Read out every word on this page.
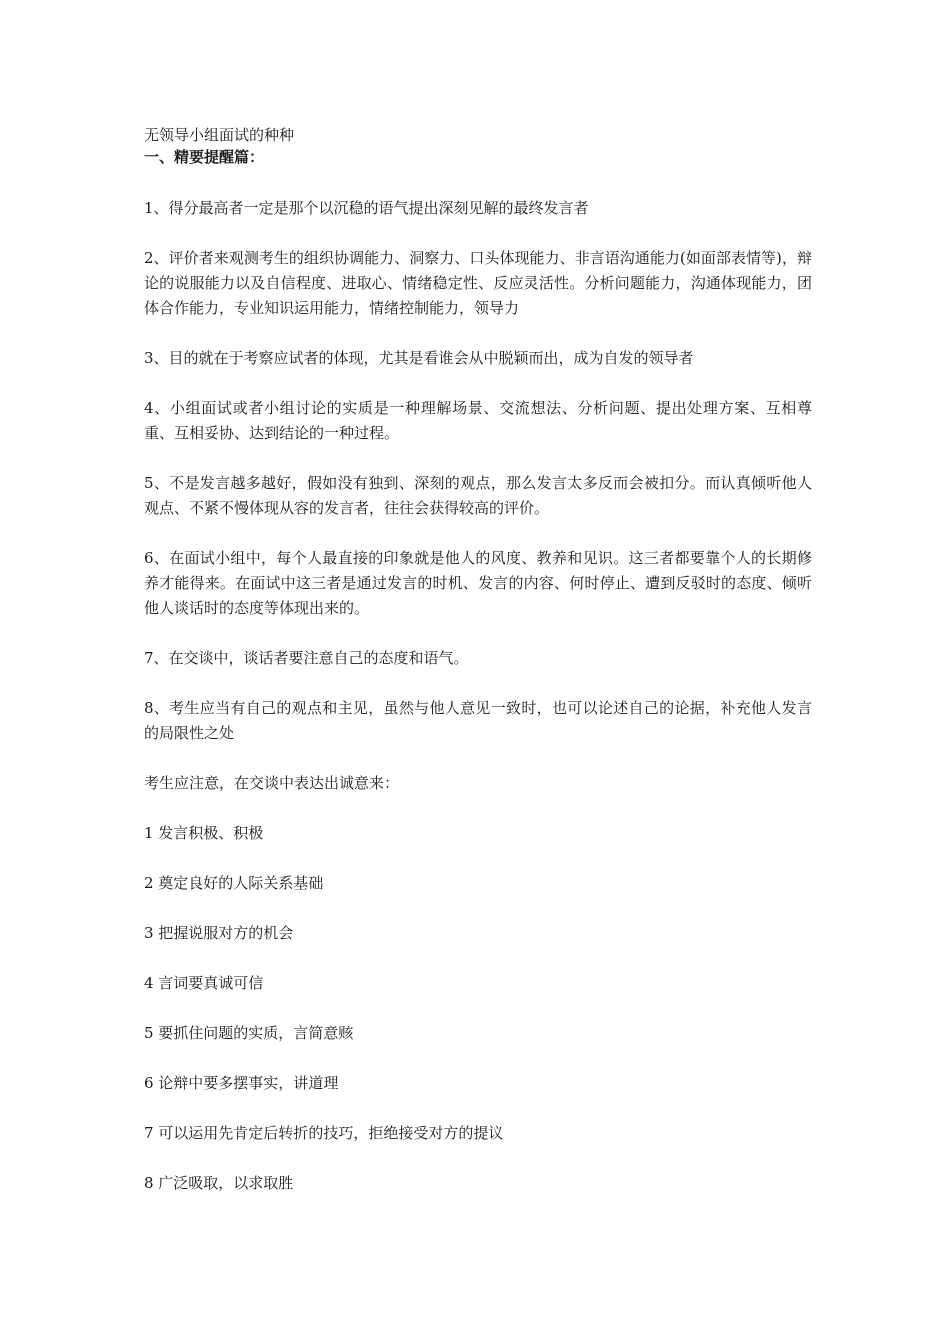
无领导小组面试的种种
一、精要提醒篇：

1、得分最高者一定是那个以沉稳的语气提出深刻见解的最终发言者

2、评价者来观测考生的组织协调能力、洞察力、口头体现能力、非言语沟通能力(如面部表情等)，辩论的说服能力以及自信程度、进取心、情绪稳定性、反应灵活性。分析问题能力，沟通体现能力，团体合作能力，专业知识运用能力，情绪控制能力，领导力

3、目的就在于考察应试者的体现，尤其是看谁会从中脱颖而出，成为自发的领导者

4、小组面试或者小组讨论的实质是一种理解场景、交流想法、分析问题、提出处理方案、互相尊重、互相妥协、达到结论的一种过程。

5、不是发言越多越好，假如没有独到、深刻的观点，那么发言太多反而会被扣分。而认真倾听他人观点、不紧不慢体现从容的发言者，往往会获得较高的评价。

6、在面试小组中，每个人最直接的印象就是他人的风度、教养和见识。这三者都要靠个人的长期修养才能得来。在面试中这三者是通过发言的时机、发言的内容、何时停止、遭到反驳时的态度、倾听他人谈话时的态度等体现出来的。

7、在交谈中，谈话者要注意自己的态度和语气。

8、考生应当有自己的观点和主见，虽然与他人意见一致时，也可以论述自己的论据，补充他人发言的局限性之处

考生应注意，在交谈中表达出诚意来：

1 发言积极、积极
2 奠定良好的人际关系基础
3 把握说服对方的机会
4 言词要真诚可信
5 要抓住问题的实质，言简意赅
6 论辩中要多摆事实，讲道理
7 可以运用先肯定后转折的技巧，拒绝接受对方的提议
8 广泛吸取，以求取胜
